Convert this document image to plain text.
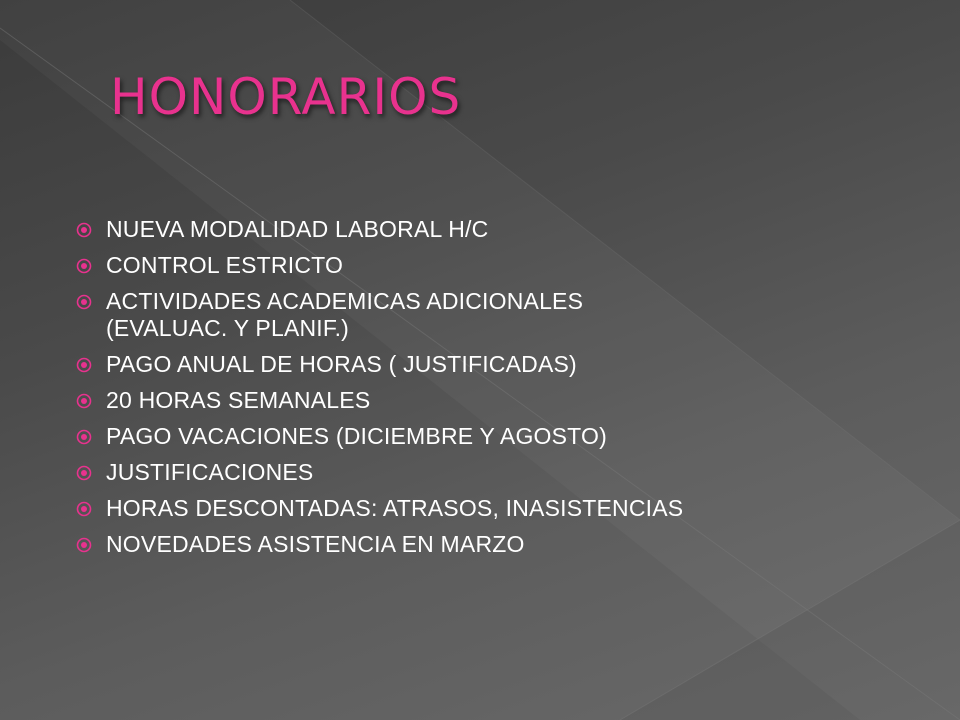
HONORARIOS
NUEVA MODALIDAD LABORAL H/C
CONTROL ESTRICTO
ACTIVIDADES ACADEMICAS ADICIONALES
(EVALUAC. Y PLANIF.)
PAGO ANUAL DE HORAS ( JUSTIFICADAS)
20 HORAS SEMANALES
PAGO VACACIONES (DICIEMBRE Y AGOSTO)
JUSTIFICACIONES
HORAS DESCONTADAS: ATRASOS, INASISTENCIAS
NOVEDADES ASISTENCIA EN MARZO
